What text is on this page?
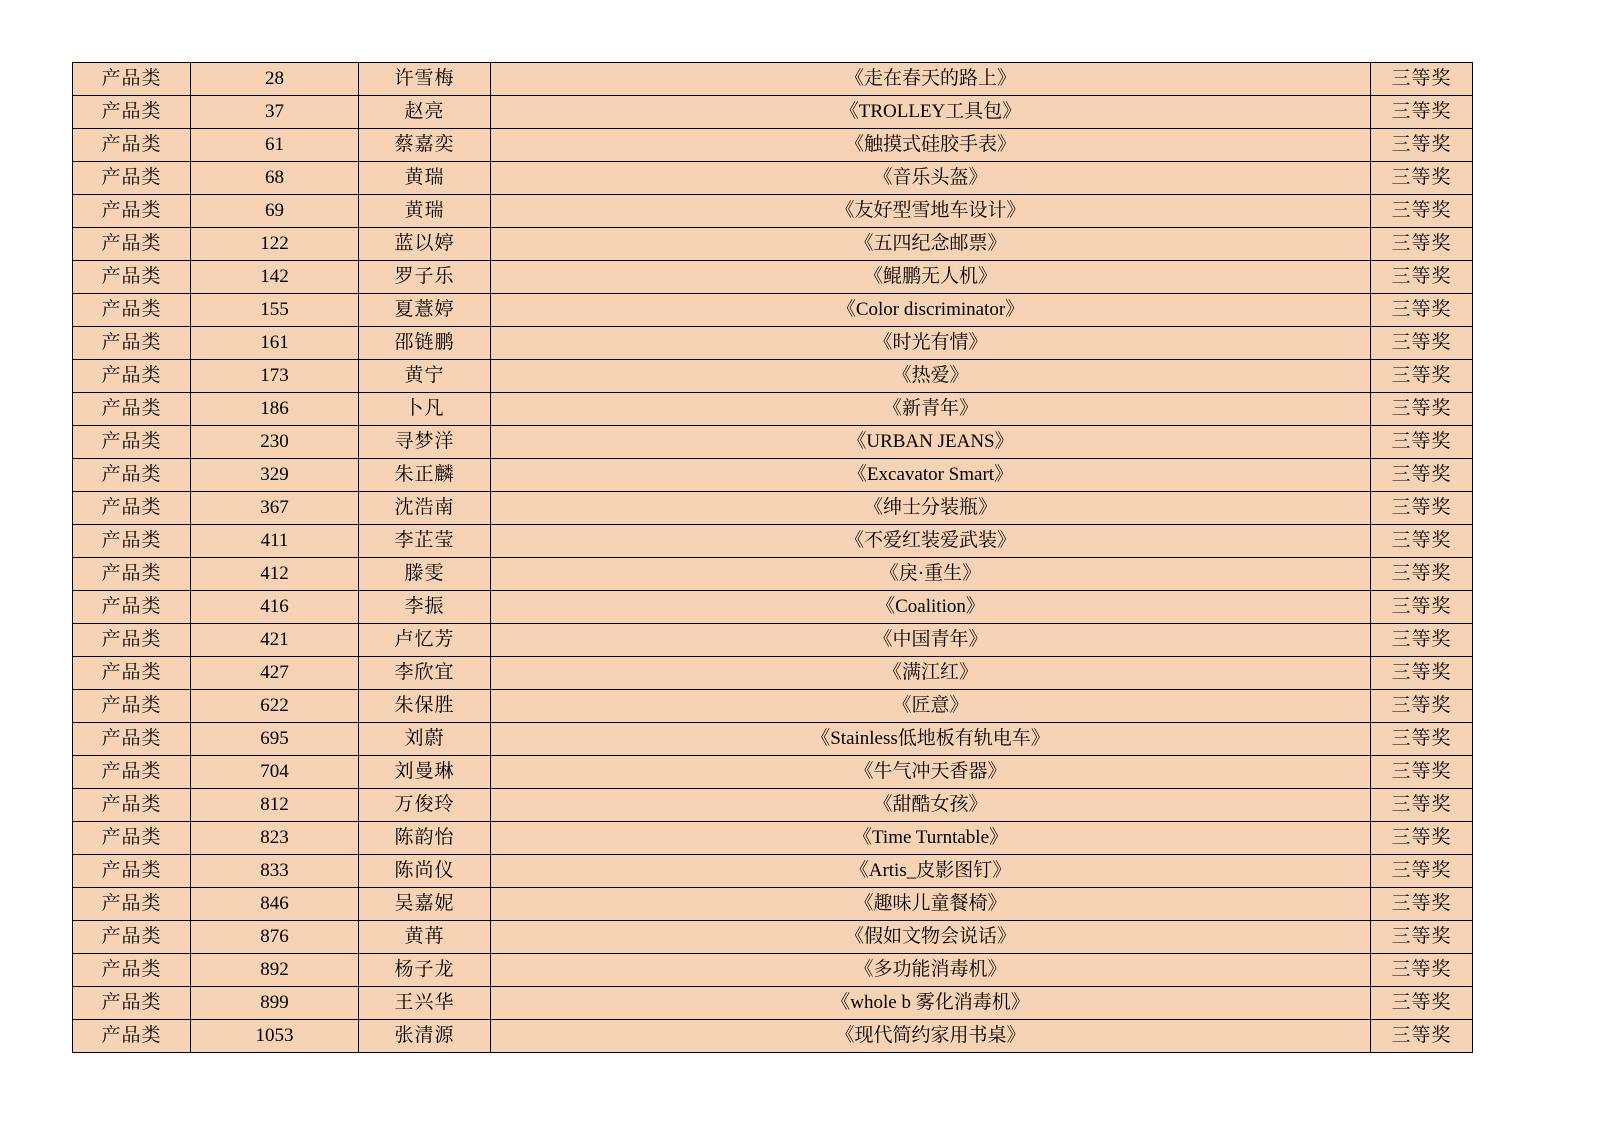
产品类	28	许雪梅	《走在春天的路上》	三等奖
产品类	37	赵亮	《TROLLEY工具包》	三等奖
产品类	61	蔡嘉奕	《触摸式硅胶手表》	三等奖
产品类	68	黄瑞	《音乐头盔》	三等奖
产品类	69	黄瑞	《友好型雪地车设计》	三等奖
产品类	122	蓝以婷	《五四纪念邮票》	三等奖
产品类	142	罗子乐	《鲲鹏无人机》	三等奖
产品类	155	夏薏婷	《Color discriminator》	三等奖
产品类	161	邵链鹏	《时光有情》	三等奖
产品类	173	黄宁	《热爱》	三等奖
产品类	186	卜凡	《新青年》	三等奖
产品类	230	寻梦洋	《URBAN JEANS》	三等奖
产品类	329	朱正麟	《Excavator Smart》	三等奖
产品类	367	沈浩南	《绅士分装瓶》	三等奖
产品类	411	李芷莹	《不爱红装爱武装》	三等奖
产品类	412	滕雯	《戾·重生》	三等奖
产品类	416	李振	《Coalition》	三等奖
产品类	421	卢忆芳	《中国青年》	三等奖
产品类	427	李欣宜	《满江红》	三等奖
产品类	622	朱保胜	《匠意》	三等奖
产品类	695	刘蔚	《Stainless低地板有轨电车》	三等奖
产品类	704	刘曼琳	《牛气冲天香器》	三等奖
产品类	812	万俊玲	《甜酷女孩》	三等奖
产品类	823	陈韵怡	《Time Turntable》	三等奖
产品类	833	陈尚仪	《Artis_皮影图钉》	三等奖
产品类	846	吴嘉妮	《趣味儿童餐椅》	三等奖
产品类	876	黄苒	《假如文物会说话》	三等奖
产品类	892	杨子龙	《多功能消毒机》	三等奖
产品类	899	王兴华	《whole b 雾化消毒机》	三等奖
产品类	1053	张清源	《现代简约家用书桌》	三等奖
